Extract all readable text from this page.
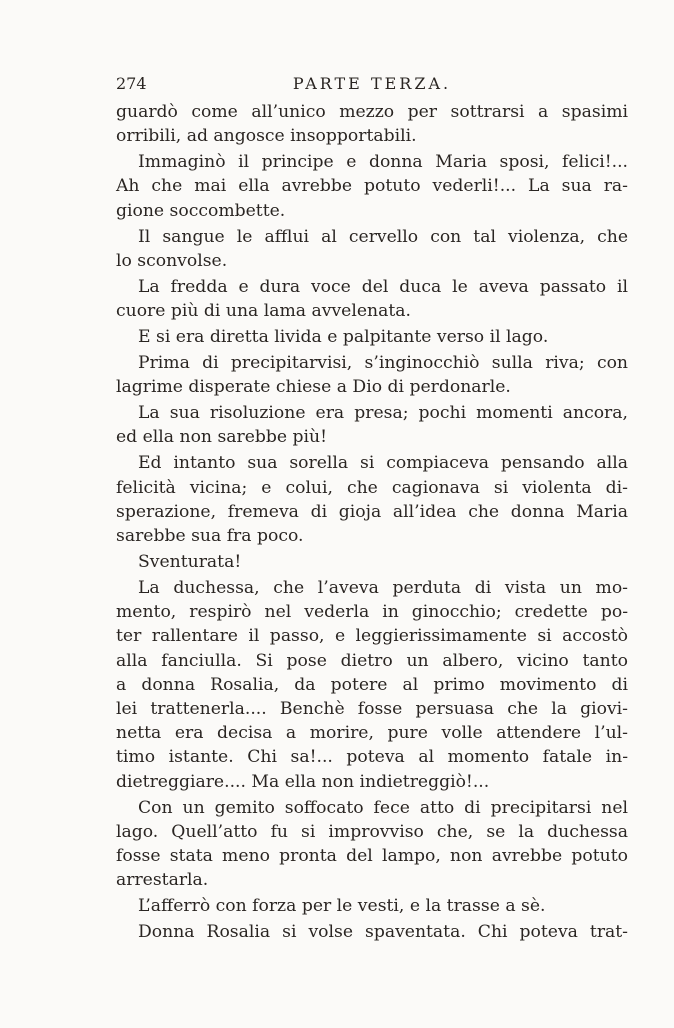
274	PARTE TERZA.
guardò come all’unico mezzo per sottrarsi a spasimi
orribili, ad angosce insopportabili.
Immaginò il principe e donna Maria sposi, felici!...
Ah che mai ella avrebbe potuto vederli!... La sua ra-
gione soccombette.
Il sangue le afflui al cervello con tal violenza, che
lo sconvolse.
La fredda e dura voce del duca le aveva passato il
cuore più di una lama avvelenata.
E si era diretta livida e palpitante verso il lago.
Prima di precipitarvisi, s’inginocchiò sulla riva; con
lagrime disperate chiese a Dio di perdonarle.
La sua risoluzione era presa; pochi momenti ancora,
ed ella non sarebbe più!
Ed intanto sua sorella si compiaceva pensando alla
felicità vicina; e colui, che cagionava si violenta di-
sperazione, fremeva di gioja all’idea che donna Maria
sarebbe sua fra poco.
Sventurata!
La duchessa, che l’aveva perduta di vista un mo-
mento, respirò nel vederla in ginocchio; credette po-
ter rallentare il passo, e leggierissimamente si accostò
alla fanciulla. Si pose dietro un albero, vicino tanto
a donna Rosalia, da potere al primo movimento di
lei trattenerla.... Benchè fosse persuasa che la giovi-
netta era decisa a morire, pure volle attendere l’ul-
timo istante. Chi sa!... poteva al momento fatale in-
dietreggiare.... Ma ella non indietreggiò!...
Con un gemito soffocato fece atto di precipitarsi nel
lago. Quell’atto fu si improvviso che, se la duchessa
fosse stata meno pronta del lampo, non avrebbe potuto
arrestarla.
L’afferrò con forza per le vesti, e la trasse a sè.
Donna Rosalia si volse spaventata. Chi poteva trat-
